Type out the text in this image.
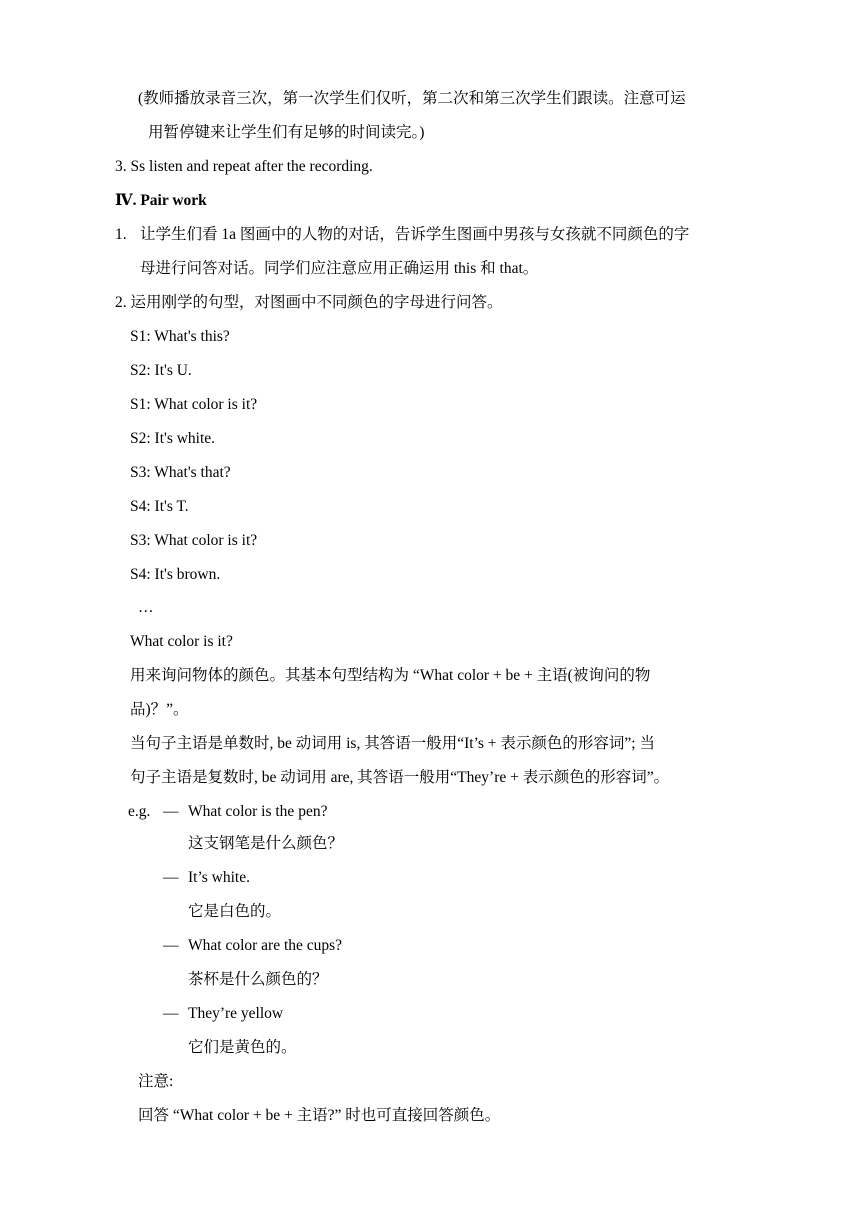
(教师播放录音三次，第一次学生们仅听，第二次和第三次学生们跟读。注意可运
用暂停键来让学生们有足够的时间读完。)
3. Ss listen and repeat after the recording.
Ⅳ. Pair work
1. 让学生们看 1a 图画中的人物的对话，告诉学生图画中男孩与女孩就不同颜色的字
母进行问答对话。同学们应注意应用正确运用 this 和 that。
2. 运用刚学的句型，对图画中不同颜色的字母进行问答。
S1: What's this?
S2: It's U.
S1: What color is it?
S2: It's white.
S3: What's that?
S4: It's T.
S3: What color is it?
S4: It's brown.
…
What color is it?
用来询问物体的颜色。其基本句型结构为 “What color + be + 主语(被询问的物
品)？”。
当句子主语是单数时, be 动词用 is, 其答语一般用“It’s + 表示颜色的形容词”; 当
句子主语是复数时, be 动词用 are, 其答语一般用“They’re + 表示颜色的形容词”。
e.g. — What color is the pen?
这支钢笔是什么颜色？
— It’s white.
它是白色的。
— What color are the cups?
茶杯是什么颜色的？
— They’re yellow
它们是黄色的。
注意:
回答 “What color + be + 主语?” 时也可直接回答颜色。
